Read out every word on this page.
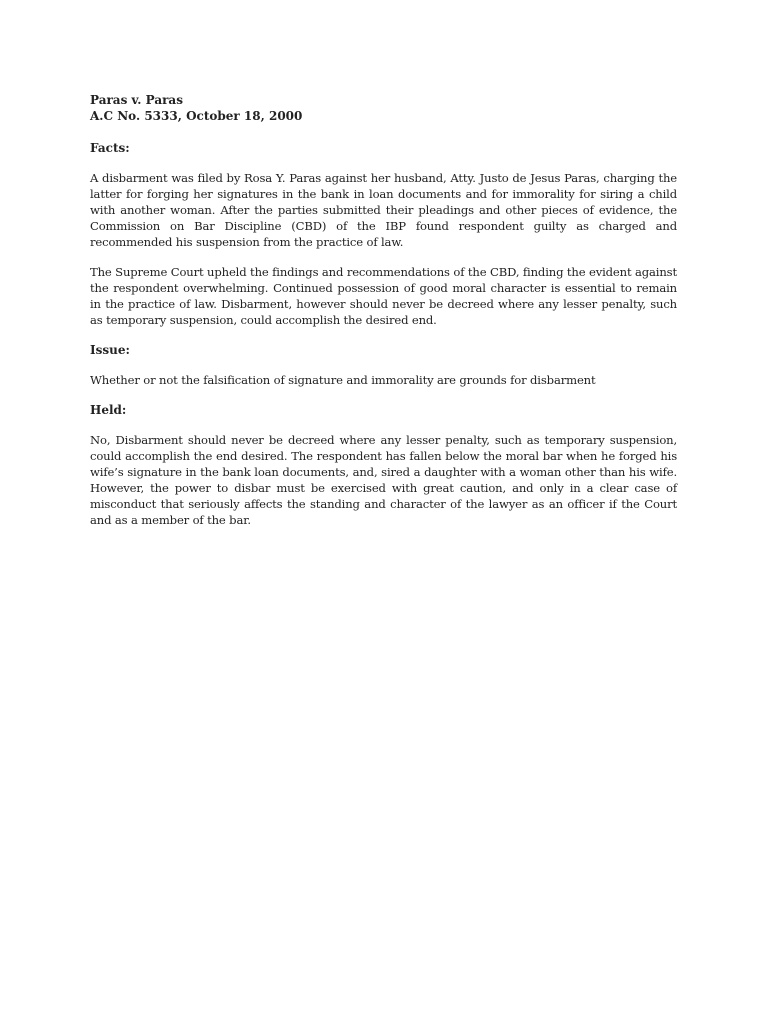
Paras v. Paras

A.C No. 5333, October 18, 2000

Facts:

A disbarment was filed by Rosa Y. Paras against her husband, Atty. Justo de Jesus Paras, charging the latter for forging her signatures in the bank in loan documents and for immorality for siring a child with another woman. After the parties submitted their pleadings and other pieces of evidence, the Commission on Bar Discipline (CBD) of the IBP found respondent guilty as charged and recommended his suspension from the practice of law.

The Supreme Court upheld the findings and recommendations of the CBD, finding the evident against the respondent overwhelming. Continued possession of good moral character is essential to remain in the practice of law. Disbarment, however should never be decreed where any lesser penalty, such as temporary suspension, could accomplish the desired end.

Issue:

Whether or not the falsification of signature and immorality are grounds for disbarment

Held:

No, Disbarment should never be decreed where any lesser penalty, such as temporary suspension, could accomplish the end desired. The respondent has fallen below the moral bar when he forged his wife’s signature in the bank loan documents, and, sired a daughter with a woman other than his wife. However, the power to disbar must be exercised with great caution, and only in a clear case of misconduct that seriously affects the standing and character of the lawyer as an officer if the Court and as a member of the bar.
